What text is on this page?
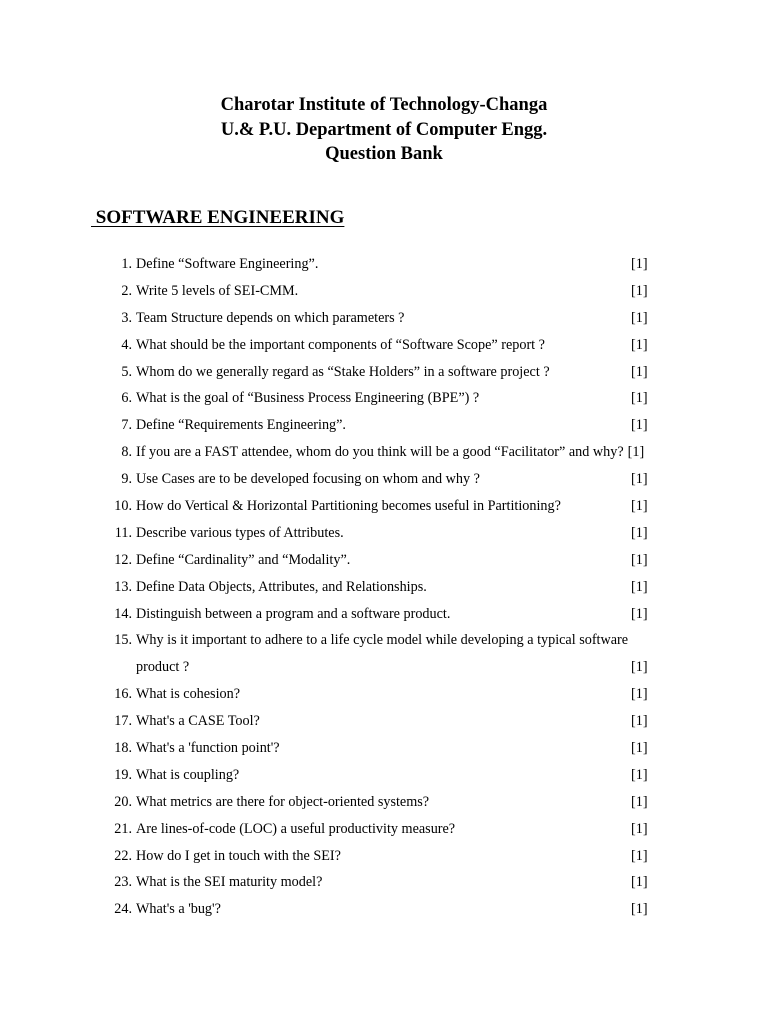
Charotar Institute of Technology-Changa
U.& P.U. Department of Computer Engg.
Question Bank
SOFTWARE ENGINEERING
1. Define “Software Engineering”.	[1]
2. Write 5 levels of SEI-CMM.	[1]
3. Team Structure depends on which parameters ?	[1]
4. What should be the important components of “Software Scope” report ?	[1]
5. Whom do we generally regard as “Stake Holders” in a software project ?	[1]
6. What is the goal of “Business Process Engineering (BPE”) ?	[1]
7. Define “Requirements Engineering”.	[1]
8. If you are a FAST attendee, whom do you think will be a good “Facilitator” and why? [1]
9. Use Cases are to be developed focusing on whom and why ?	[1]
10. How do Vertical & Horizontal Partitioning becomes useful in Partitioning?	[1]
11. Describe various types of Attributes.	[1]
12. Define “Cardinality” and “Modality”.	[1]
13. Define Data Objects, Attributes, and Relationships.	[1]
14. Distinguish between a program and a software product.	[1]
15. Why is it important to adhere to a life cycle model while developing a typical software
product ?	[1]
16. What is cohesion?	[1]
17. What's a CASE Tool?	[1]
18. What's a 'function point'?	[1]
19. What is coupling?	[1]
20. What metrics are there for object-oriented systems?	[1]
21. Are lines-of-code (LOC) a useful productivity measure?	[1]
22. How do I get in touch with the SEI?	[1]
23. What is the SEI maturity model?	[1]
24. What's a 'bug'?	[1]
